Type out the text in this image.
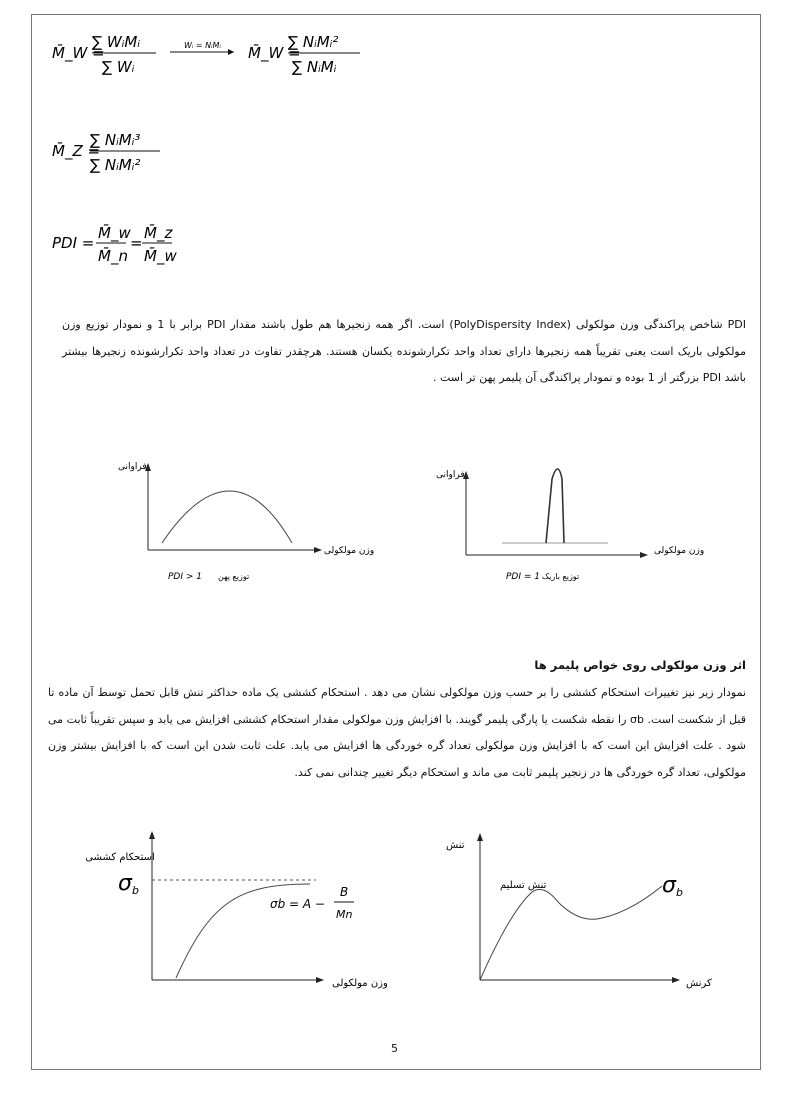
M̄_W =
∑ WᵢMᵢ
∑ Wᵢ
Wᵢ = NᵢMᵢ M̄_W =
∑ NᵢMᵢ²
∑ NᵢMᵢ
M̄_Z =
∑ NᵢMᵢ³
∑ NᵢMᵢ²
PDI =
M̄_w
M̄_n
=
M̄_z
M̄_w
PDI شاخص پراکندگی وزن مولکولی (PolyDispersity Index) است. اگر همه زنجیرها هم طول باشند مقدار PDI برابر با 1 و نمودار توزیع وزن مولکولی باریک است یعنی تقریباً همه زنجیرها دارای تعداد واحد تکرارشونده یکسان هستند. هرچقدر تفاوت در تعداد واحد تکرارشونده زنجیرها بیشتر باشد PDI بزرگتر از 1 بوده و نمودار پراکندگی آن پلیمر پهن تر است .
فراوانی
وزن مولکولی
PDI > 1 توزیع پهن
فراوانی
وزن مولکولی
PDI = 1 توزیع باریک
اثر وزن مولکولی روی خواص پلیمر ها
نمودار زیر نیز تغییرات استحکام کششی را بر حسب وزن مولکولی نشان می دهد . استحکام کششی یک ماده حداکثر تنش قابل تحمل توسط آن ماده تا قبل از شکست است. σb را نقطه شکست یا پارگی پلیمر گویند. با افزایش وزن مولکولی مقدار استحکام کششی افزایش می یابد و سپس تقریباً ثابت می شود . علت افزایش این است که با افزایش وزن مولکولی تعداد گره خوردگی ها افزایش می یابد. علت ثابت شدن این است که با افزایش بیشتر وزن مولکولی، تعداد گره خوردگی ها در زنجیر پلیمر ثابت می ماند و استحکام دیگر تغییر چندانی نمی کند.
استحکام کششی
σ b
σb = A −
B
Mn
وزن مولکولی
تنش
تنش تسلیم	σ b
کرنش
5
